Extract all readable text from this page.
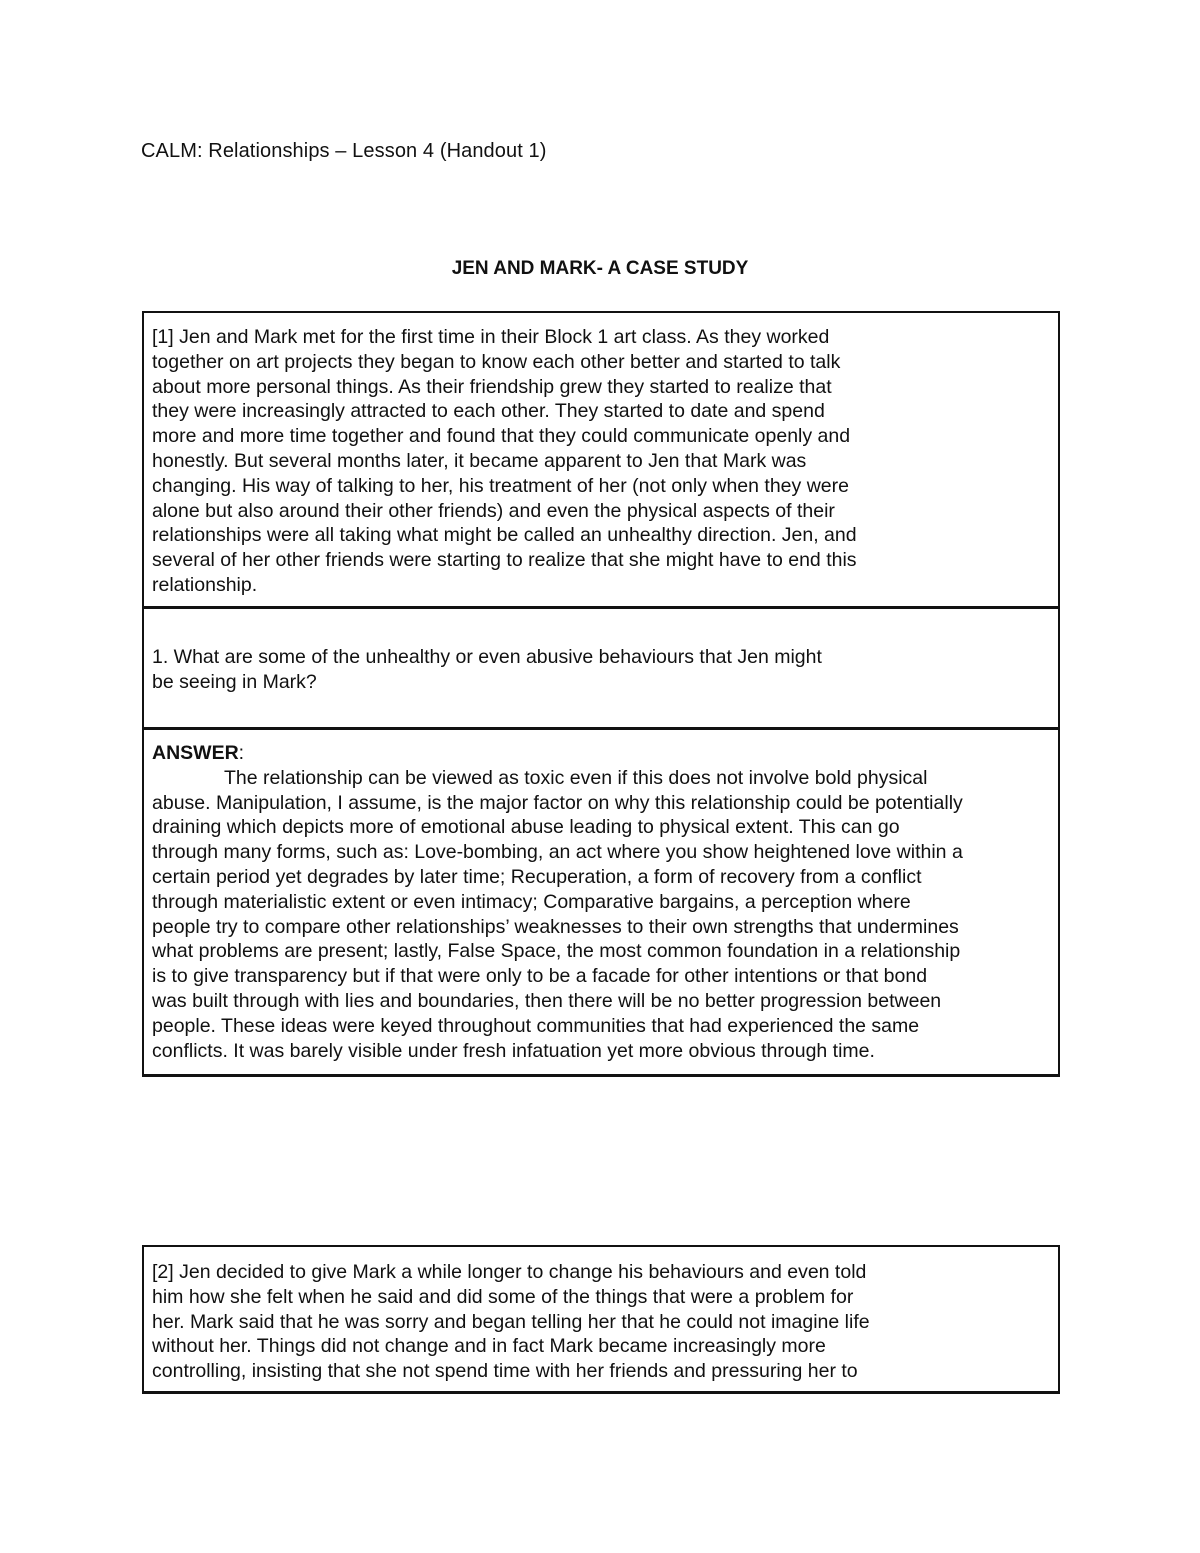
CALM: Relationships – Lesson 4 (Handout 1)
JEN AND MARK- A CASE STUDY
[1] Jen and Mark met for the first time in their Block 1 art class. As they worked
together on art projects they began to know each other better and started to talk
about more personal things. As their friendship grew they started to realize that
they were increasingly attracted to each other. They started to date and spend
more and more time together and found that they could communicate openly and
honestly. But several months later, it became apparent to Jen that Mark was
changing. His way of talking to her, his treatment of her (not only when they were
alone but also around their other friends) and even the physical aspects of their
relationships were all taking what might be called an unhealthy direction. Jen, and
several of her other friends were starting to realize that she might have to end this
relationship.
1. What are some of the unhealthy or even abusive behaviours that Jen might
be seeing in Mark?
ANSWER:
The relationship can be viewed as toxic even if this does not involve bold physical
abuse. Manipulation, I assume, is the major factor on why this relationship could be potentially
draining which depicts more of emotional abuse leading to physical extent. This can go
through many forms, such as: Love-bombing, an act where you show heightened love within a
certain period yet degrades by later time; Recuperation, a form of recovery from a conflict
through materialistic extent or even intimacy; Comparative bargains, a perception where
people try to compare other relationships’ weaknesses to their own strengths that undermines
what problems are present; lastly, False Space, the most common foundation in a relationship
is to give transparency but if that were only to be a facade for other intentions or that bond
was built through with lies and boundaries, then there will be no better progression between
people. These ideas were keyed throughout communities that had experienced the same
conflicts. It was barely visible under fresh infatuation yet more obvious through time.
[2] Jen decided to give Mark a while longer to change his behaviours and even told
him how she felt when he said and did some of the things that were a problem for
her. Mark said that he was sorry and began telling her that he could not imagine life
without her. Things did not change and in fact Mark became increasingly more
controlling, insisting that she not spend time with her friends and pressuring her to
